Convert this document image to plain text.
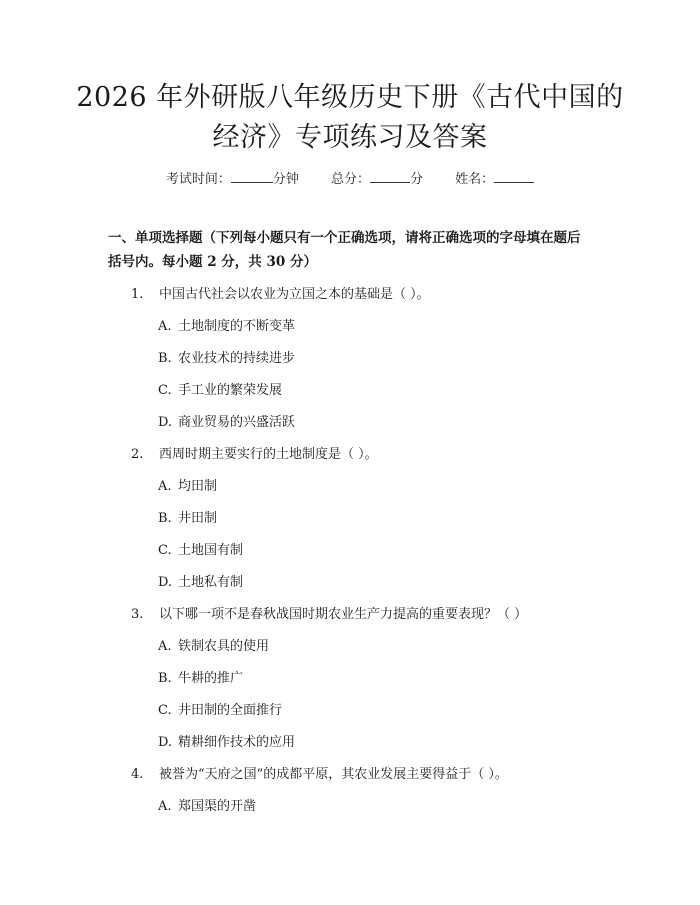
2026 年外研版八年级历史下册《古代中国的
经济》专项练习及答案
考试时间：	分钟 总分：	分 姓名：
一、单项选择题（下列每小题只有一个正确选项，请将正确选项的字母填在题后
括号内。每小题 2 分，共 30 分）
1. 中国古代社会以农业为立国之本的基础是（ ）。
A. 土地制度的不断变革
B. 农业技术的持续进步
C. 手工业的繁荣发展
D. 商业贸易的兴盛活跃
2. 西周时期主要实行的土地制度是（ ）。
A. 均田制
B. 井田制
C. 土地国有制
D. 土地私有制
3. 以下哪一项不是春秋战国时期农业生产力提高的重要表现？（ ）
A. 铁制农具的使用
B. 牛耕的推广
C. 井田制的全面推行
D. 精耕细作技术的应用
4. 被誉为“天府之国”的成都平原，其农业发展主要得益于（ ）。
A. 郑国渠的开凿
